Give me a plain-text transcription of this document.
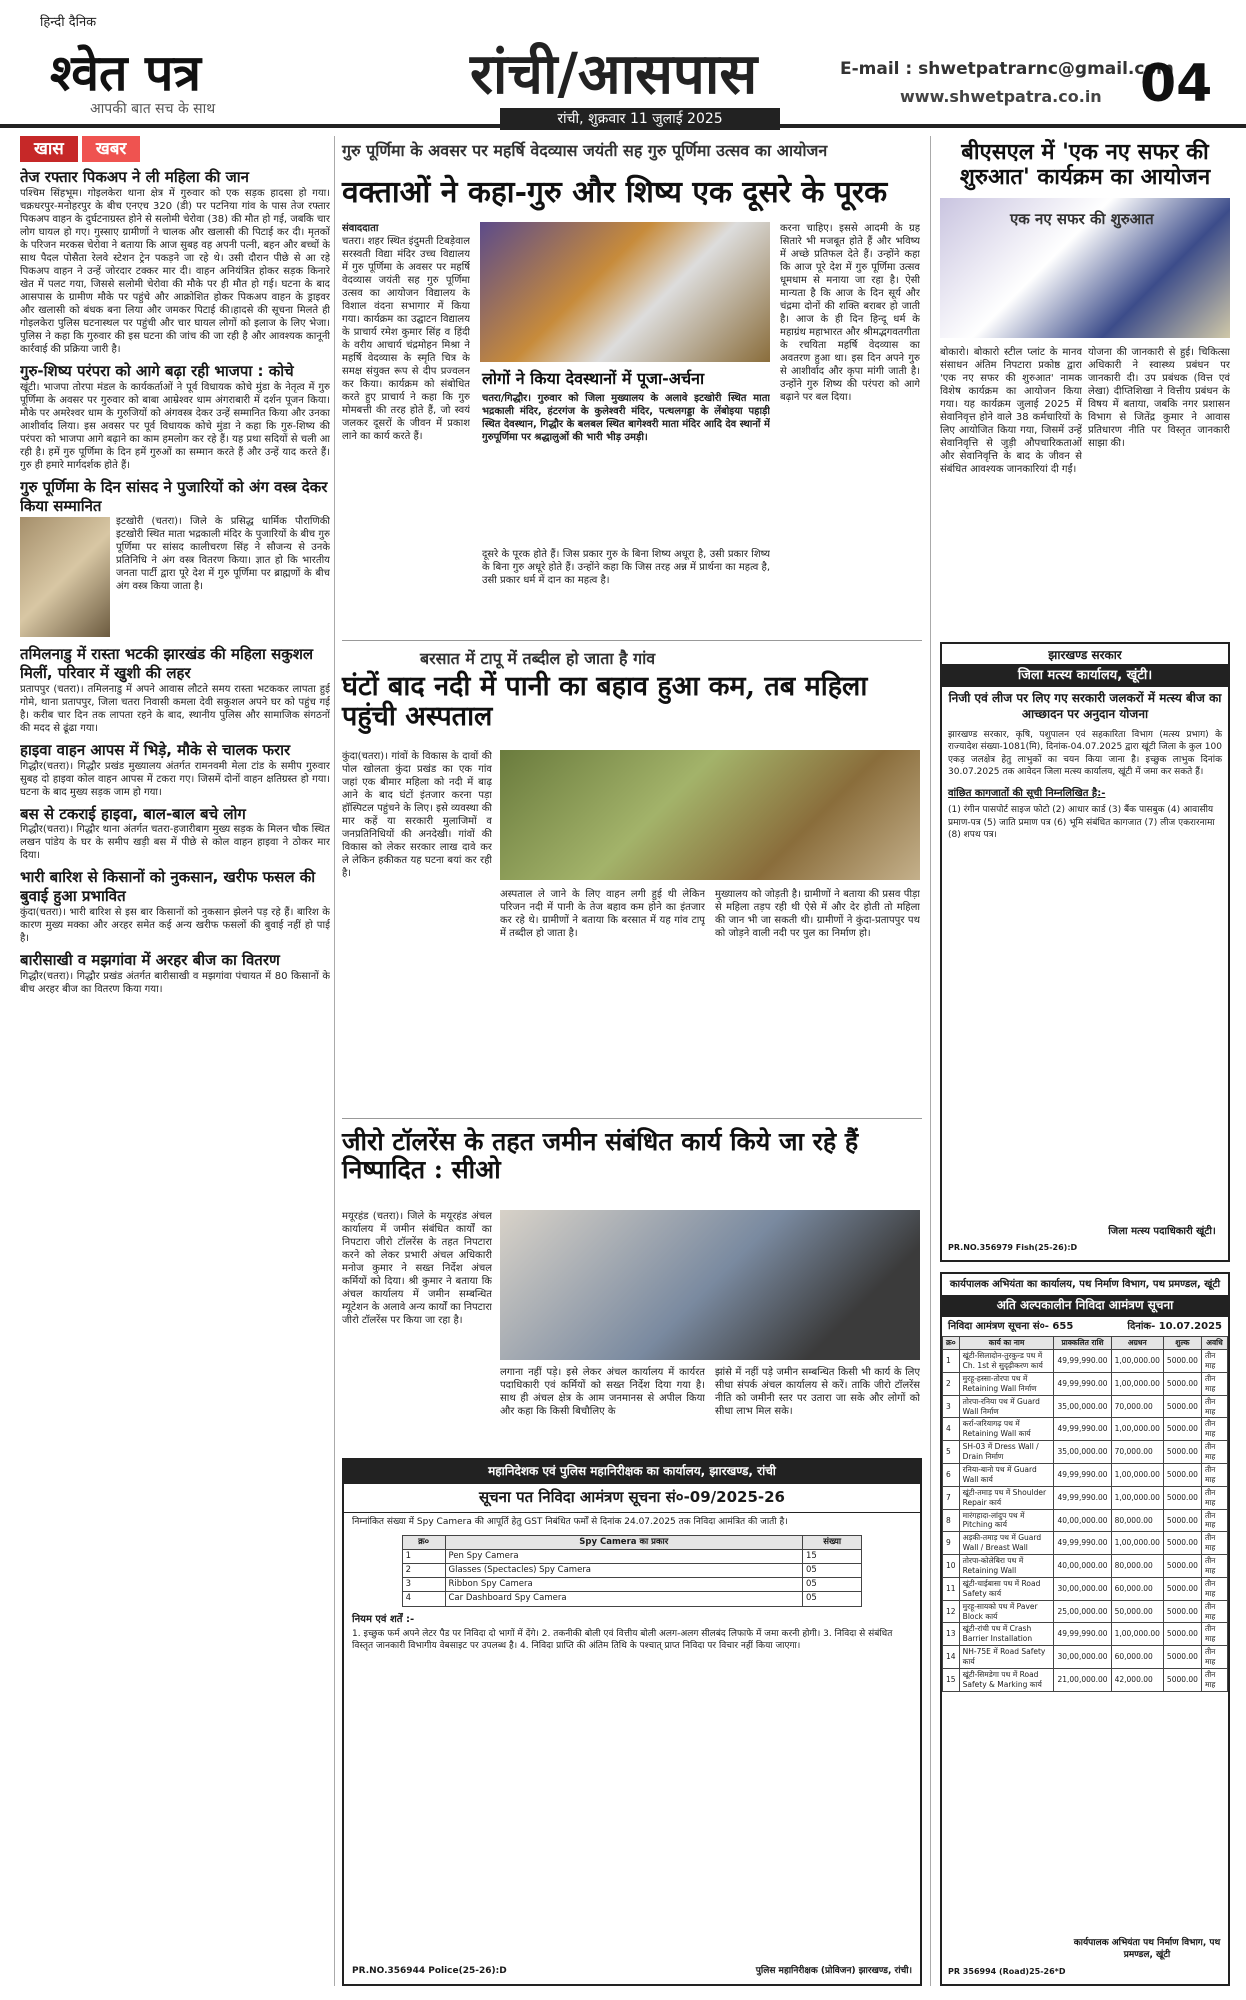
हिन्दी दैनिक
श्वेत पत्र
आपकी बात सच के साथ
रांची/आसपास
रांची, शुक्रवार 11 जुलाई 2025
E-mail : shwetpatrarnc@gmail.com
www.shwetpatra.co.in 04
खास	खबर
तेज रफ्तार पिकअप ने ली महिला की जान
पश्चिम सिंहभूम। गोइलकेरा थाना क्षेत्र में गुरुवार को एक सड़क हादसा हो गया। चक्रधरपुर-मनोहरपुर के बीच एनएच 320 (डी) पर पटनिया गांव के पास तेज रफ्तार पिकअप वाहन के दुर्घटनाग्रस्त होने से सलोमी चेरोवा (38) की मौत हो गई, जबकि चार लोग घायल हो गए। गुस्साए ग्रामीणों ने चालक और खलासी की पिटाई कर दी। मृतकों के परिजन मरकस चेरोवा ने बताया कि आज सुबह वह अपनी पत्नी, बहन और बच्चों के साथ पैदल पोसैता रेलवे स्टेशन ट्रेन पकड़ने जा रहे थे। उसी दौरान पीछे से आ रहे पिकअप वाहन ने उन्हें जोरदार टक्कर मार दी। वाहन अनियंत्रित होकर सड़क किनारे खेत में पलट गया, जिससे सलोमी चेरोवा की मौके पर ही मौत हो गई। घटना के बाद आसपास के ग्रामीण मौके पर पहुंचे और आक्रोशित होकर पिकअप वाहन के ड्राइवर और खलासी को बंधक बना लिया और जमकर पिटाई की।हादसे की सूचना मिलते ही गोइलकेरा पुलिस घटनास्थल पर पहुंची और चार घायल लोगों को इलाज के लिए भेजा। पुलिस ने कहा कि गुरुवार की इस घटना की जांच की जा रही है और आवश्यक कानूनी कार्रवाई की प्रक्रिया जारी है।
गुरु-शिष्य परंपरा को आगे बढ़ा रही भाजपा : कोचे
खूंटी। भाजपा तोरपा मंडल के कार्यकर्ताओं ने पूर्व विधायक कोचे मुंडा के नेतृत्व में गुरु पूर्णिमा के अवसर पर गुरुवार को बाबा आम्रेश्वर धाम अंगराबारी में दर्शन पूजन किया। मौके पर अमरेश्वर धाम के गुरुजियों को अंगवस्त्र देकर उन्हें सम्मानित किया और उनका आशीर्वाद लिया। इस अवसर पर पूर्व विधायक कोचे मुंडा ने कहा कि गुरु-शिष्य की परंपरा को भाजपा आगे बढ़ाने का काम हमलोग कर रहे हैं। यह प्रथा सदियों से चली आ रही है। हमें गुरु पूर्णिमा के दिन हमें गुरुओं का सम्मान करते हैं और उन्हें याद करते हैं। गुरु ही हमारे मार्गदर्शक होते हैं।
गुरु पूर्णिमा के दिन सांसद ने पुजारियों को अंग वस्त्र देकर किया सम्मानित
इटखोरी (चतरा)। जिले के प्रसिद्ध धार्मिक पौराणिकी इटखोरी स्थित माता भद्रकाली मंदिर के पुजारियों के बीच गुरु पूर्णिमा पर सांसद कालीचरण सिंह ने सौजन्य से उनके प्रतिनिधि ने अंग वस्त्र वितरण किया। ज्ञात हो कि भारतीय जनता पार्टी द्वारा पूरे देश में गुरु पूर्णिमा पर ब्राह्मणों के बीच अंग वस्त्र किया जाता है।
तमिलनाडु में रास्ता भटकी झारखंड की महिला सकुशल मिलीं, परिवार में खुशी की लहर
प्रतापपुर (चतरा)। तमिलनाडु में अपने आवास लौटते समय रास्ता भटककर लापता हुई गोमे, थाना प्रतापपुर, जिला चतरा निवासी कमला देवी सकुशल अपने घर को पहुंच गई है। करीब चार दिन तक लापता रहने के बाद, स्थानीय पुलिस और सामाजिक संगठनों की मदद से ढूंढा गया।
हाइवा वाहन आपस में भिड़े, मौके से चालक फरार
गिद्धौर(चतरा)। गिद्धौर प्रखंड मुख्यालय अंतर्गत रामनवमी मेला टांड के समीप गुरुवार सुबह दो हाइवा कोल वाहन आपस में टकरा गए। जिसमें दोनों वाहन क्षतिग्रस्त हो गया। घटना के बाद मुख्य सड़क जाम हो गया।
बस से टकराई हाइवा, बाल-बाल बचे लोग
गिद्धौर(चतरा)। गिद्धौर थाना अंतर्गत चतरा-हजारीबाग मुख्य सड़क के मिलन चौक स्थित लखन पांडेय के घर के समीप खड़ी बस में पीछे से कोल वाहन हाइवा ने ठोकर मार दिया।
भारी बारिश से किसानों को नुकसान, खरीफ फसल की बुवाई हुआ प्रभावित
कुंदा(चतरा)। भारी बारिश से इस बार किसानों को नुकसान झेलने पड़ रहे हैं। बारिश के कारण मुख्य मक्का और अरहर समेत कई अन्य खरीफ फसलों की बुवाई नहीं हो पाई है।
बारीसाखी व मझगांवा में अरहर बीज का वितरण
गिद्धौर(चतरा)। गिद्धौर प्रखंड अंतर्गत बारीसाखी व मझगांवा पंचायत में 80 किसानों के बीच अरहर बीज का वितरण किया गया।
गुरु पूर्णिमा के अवसर पर महर्षि वेदव्यास जयंती सह गुरु पूर्णिमा उत्सव का आयोजन
वक्ताओं ने कहा-गुरु और शिष्य एक दूसरे के पूरक
संवाददाता
चतरा। शहर स्थित इंदुमती टिबड़ेवाल सरस्वती विद्या मंदिर उच्च विद्यालय में गुरु पूर्णिमा के अवसर पर महर्षि वेदव्यास जयंती सह गुरु पूर्णिमा उत्सव का आयोजन विद्यालय के विशाल वंदना सभागार में किया गया। कार्यक्रम का उद्घाटन विद्यालय के प्राचार्य रमेश कुमार सिंह व हिंदी के वरीय आचार्य चंद्रमोहन मिश्रा ने महर्षि वेदव्यास के स्मृति चित्र के समक्ष संयुक्त रूप से दीप प्रज्वलन कर किया। कार्यक्रम को संबोधित करते हुए प्राचार्य ने कहा कि गुरु मोमबत्ती की तरह होते हैं, जो स्वयं जलकर दूसरों के जीवन में प्रकाश लाने का कार्य करते हैं।
लोगों ने किया देवस्थानों में पूजा-अर्चना
चतरा/गिद्धौर। गुरुवार को जिला मुख्यालय के अलावे इटखोरी स्थित माता भद्रकाली मंदिर, हंटरगंज के कुलेश्वरी मंदिर, पत्थलगड्डा के लेंबोइया पहाड़ी स्थित देवस्थान, गिद्धौर के बलबल स्थित बागेश्वरी माता मंदिर आदि देव स्थानों में गुरुपूर्णिमा पर श्रद्धालुओं की भारी भीड़ उमड़ी।
दूसरे के पूरक होते हैं। जिस प्रकार गुरु के बिना शिष्य अधूरा है, उसी प्रकार शिष्य के बिना गुरु अधूरे होते हैं। उन्होंने कहा कि जिस तरह अन्न में प्रार्थना का महत्व है, उसी प्रकार धर्म में दान का महत्व है।
करना चाहिए। इससे आदमी के ग्रह सितारे भी मजबूत होते हैं और भविष्य में अच्छे प्रतिफल देते हैं। उन्होंने कहा कि आज पूरे देश में गुरु पूर्णिमा उत्सव धूमधाम से मनाया जा रहा है। ऐसी मान्यता है कि आज के दिन सूर्य और चंद्रमा दोनों की शक्ति बराबर हो जाती है। आज के ही दिन हिन्दू धर्म के महाग्रंथ महाभारत और श्रीमद्भगवतगीता के रचयिता महर्षि वेदव्यास का अवतरण हुआ था। इस दिन अपने गुरु से आशीर्वाद और कृपा मांगी जाती है। उन्होंने गुरु शिष्य की परंपरा को आगे बढ़ाने पर बल दिया।
बरसात में टापू में तब्दील हो जाता है गांव
घंटों बाद नदी में पानी का बहाव हुआ कम, तब महिला पहुंची अस्पताल
कुंदा(चतरा)। गांवों के विकास के दावों की पोल खोलता कुंदा प्रखंड का एक गांव जहां एक बीमार महिला को नदी में बाढ़ आने के बाद घंटों इंतजार करना पड़ा हॉस्पिटल पहुंचने के लिए। इसे व्यवस्था की मार कहें या सरकारी मुलाजिमों व जनप्रतिनिधियों की अनदेखी। गांवों की विकास को लेकर सरकार लाख दावे कर ले लेकिन हकीकत यह घटना बयां कर रही है।
अस्पताल ले जाने के लिए वाहन लगी हुई थी लेकिन परिजन नदी में पानी के तेज बहाव कम होने का इंतजार कर रहे थे। ग्रामीणों ने बताया कि बरसात में यह गांव टापू में तब्दील हो जाता है।
मुख्यालय को जोड़ती है। ग्रामीणों ने बताया की प्रसव पीड़ा से महिला तड़प रही थी ऐसे में और देर होती तो महिला की जान भी जा सकती थी। ग्रामीणों ने कुंदा-प्रतापपुर पथ को जोड़ने वाली नदी पर पुल का निर्माण हो।
जीरो टॉलरेंस के तहत जमीन संबंधित कार्य किये जा रहे हैं निष्पादित : सीओ
मयूरहंड (चतरा)। जिले के मयूरहंड अंचल कार्यालय में जमीन संबंधित कार्यों का निपटारा जीरो टॉलरेंस के तहत निपटारा करने को लेकर प्रभारी अंचल अधिकारी मनोज कुमार ने सख्त निर्देश अंचल कर्मियों को दिया। श्री कुमार ने बताया कि अंचल कार्यालय में जमीन सम्बन्धित म्यूटेशन के अलावे अन्य कार्यों का निपटारा जीरो टॉलरेंस पर किया जा रहा है।
लगाना नहीं पड़े। इसे लेकर अंचल कार्यालय में कार्यरत पदाधिकारी एवं कर्मियों को सख्त निर्देश दिया गया है। साथ ही अंचल क्षेत्र के आम जनमानस से अपील किया और कहा कि किसी बिचौलिए के
झांसे में नहीं पड़े जमीन सम्बन्धित किसी भी कार्य के लिए सीधा संपर्क अंचल कार्यालय से करें। ताकि जीरो टॉलरेंस नीति को जमीनी स्तर पर उतारा जा सके और लोगों को सीधा लाभ मिल सके।
महानिदेशक एवं पुलिस महानिरीक्षक का कार्यालय, झारखण्ड, रांची
सूचना पत निविदा आमंत्रण सूचना सं०-09/2025-26
निम्नांकित संख्या में Spy Camera की आपूर्ति हेतु GST निबंधित फर्मों से दिनांक 24.07.2025 तक निविदा आमंत्रित की जाती है।
क्र०	Spy Camera का प्रकार	संख्या
1	Pen Spy Camera	15
2	Glasses (Spectacles) Spy Camera	05
3	Ribbon Spy Camera	05
4	Car Dashboard Spy Camera	05
नियम एवं शर्तें :-
1. इच्छुक फर्म अपने लेटर पैड पर निविदा दो भागों में देंगे। 2. तकनीकी बोली एवं वित्तीय बोली अलग-अलग सीलबंद लिफाफे में जमा करनी होगी। 3. निविदा से संबंधित विस्तृत जानकारी विभागीय वेबसाइट पर उपलब्ध है। 4. निविदा प्राप्ति की अंतिम तिथि के पश्चात् प्राप्त निविदा पर विचार नहीं किया जाएगा।
PR.NO.356944 Police(25-26):D	पुलिस महानिरीक्षक (प्रोविजन) झारखण्ड, रांची।
बीएसएल में 'एक नए सफर की शुरुआत' कार्यक्रम का आयोजन
एक नए सफर की शुरुआत
बोकारो। बोकारो स्टील प्लांट के मानव संसाधन अंतिम निपटारा प्रकोष्ठ द्वारा 'एक नए सफर की शुरुआत' नामक विशेष कार्यक्रम का आयोजन किया गया। यह कार्यक्रम जुलाई 2025 में सेवानिवृत्त होने वाले 38 कर्मचारियों के लिए आयोजित किया गया, जिसमें उन्हें सेवानिवृत्ति से जुड़ी औपचारिकताओं और सेवानिवृत्ति के बाद के जीवन से संबंधित आवश्यक जानकारियां दी गईं।
योजना की जानकारी से हुई। चिकित्सा अधिकारी ने स्वास्थ्य प्रबंधन पर जानकारी दी। उप प्रबंधक (वित्त एवं लेखा) दीप्तिशिखा ने वित्तीय प्रबंधन के विषय में बताया, जबकि नगर प्रशासन विभाग से जितेंद्र कुमार ने आवास प्रतिधारण नीति पर विस्तृत जानकारी साझा की।
झारखण्ड सरकार
जिला मत्स्य कार्यालय, खूंटी।
निजी एवं लीज पर लिए गए सरकारी जलकरों में मत्स्य बीज का आच्छादन पर अनुदान योजना
झारखण्ड सरकार, कृषि, पशुपालन एवं सहकारिता विभाग (मत्स्य प्रभाग) के राज्यादेश संख्या-1081(मि), दिनांक-04.07.2025 द्वारा खूंटी जिला के कुल 100 एकड़ जलक्षेत्र हेतु लाभुकों का चयन किया जाना है। इच्छुक लाभुक दिनांक 30.07.2025 तक आवेदन जिला मत्स्य कार्यालय, खूंटी में जमा कर सकते हैं।
वांछित कागजातों की सूची निम्नलिखित है:-
(1) रंगीन पासपोर्ट साइज फोटो (2) आधार कार्ड (3) बैंक पासबुक (4) आवासीय प्रमाण-पत्र (5) जाति प्रमाण पत्र (6) भूमि संबंधित कागजात (7) लीज एकरारनामा (8) शपथ पत्र।
जिला मत्स्य पदाधिकारी खूंटी।
PR.NO.356979 Fish(25-26):D
कार्यपालक अभियंता का कार्यालय, पथ निर्माण विभाग, पथ प्रमण्डल, खूंटी
अति अल्पकालीन निविदा आमंत्रण सूचना
निविदा आमंत्रण सूचना सं०- 655	दिनांक- 10.07.2025
क्र०	कार्य का नाम	प्राक्कलित राशि	अग्रधन	शुल्क	अवधि
1	खूंटी-सिलादोन-तुरकुन्ड पथ में Ch. 1st से सुदृढ़ीकरण कार्य	49,99,990.00	1,00,000.00	5000.00	तीन माह
2	मुरहू-हस्सा-तोरपा पथ में Retaining Wall निर्माण	49,99,990.00	1,00,000.00	5000.00	तीन माह
3	तोरपा-रनिया पथ में Guard Wall निर्माण	35,00,000.00	70,000.00	5000.00	तीन माह
4	कर्रा-जरियागढ़ पथ में Retaining Wall कार्य	49,99,990.00	1,00,000.00	5000.00	तीन माह
5	SH-03 में Dress Wall / Drain निर्माण	35,00,000.00	70,000.00	5000.00	तीन माह
6	रनिया-बानो पथ में Guard Wall कार्य	49,99,990.00	1,00,000.00	5000.00	तीन माह
7	खूंटी-तमाड़ पथ में Shoulder Repair कार्य	49,99,990.00	1,00,000.00	5000.00	तीन माह
8	मारंगहादा-लांदुप पथ में Pitching कार्य	40,00,000.00	80,000.00	5000.00	तीन माह
9	अड़की-तमाड़ पथ में Guard Wall / Breast Wall	49,99,990.00	1,00,000.00	5000.00	तीन माह
10	तोरपा-कोलेबिरा पथ में Retaining Wall	40,00,000.00	80,000.00	5000.00	तीन माह
11	खूंटी-चाईबासा पथ में Road Safety कार्य	30,00,000.00	60,000.00	5000.00	तीन माह
12	मुरहू-सायको पथ में Paver Block कार्य	25,00,000.00	50,000.00	5000.00	तीन माह
13	खूंटी-रांची पथ में Crash Barrier Installation	49,99,990.00	1,00,000.00	5000.00	तीन माह
14	NH-75E में Road Safety कार्य	30,00,000.00	60,000.00	5000.00	तीन माह
15	खूंटी-सिमडेगा पथ में Road Safety & Marking कार्य	21,00,000.00	42,000.00	5000.00	तीन माह
कार्यपालक अभियंता पथ निर्माण विभाग, पथ प्रमण्डल, खूंटी
PR 356994 (Road)25-26*D
